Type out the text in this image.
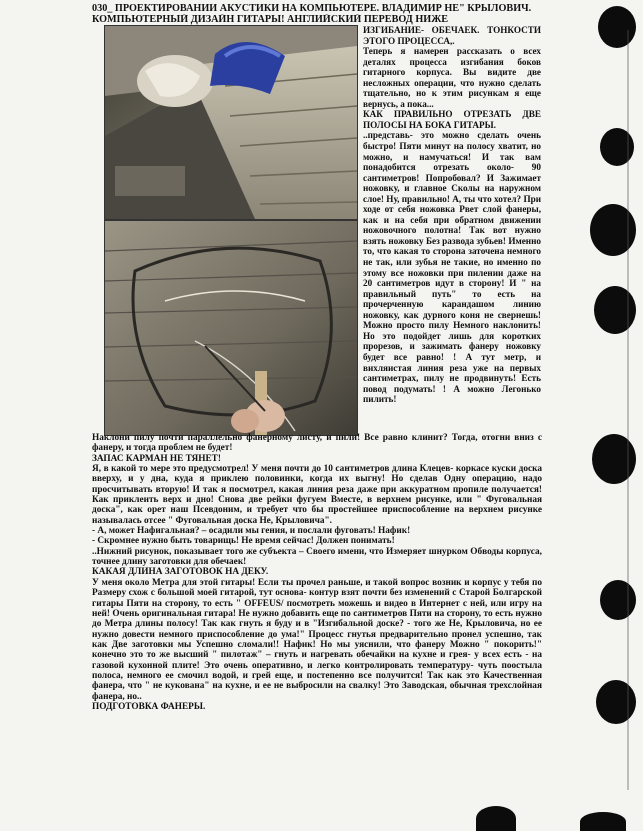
030_ ПРОЕКТИРОВАНИИ АКУСТИКИ НА КОМПЬЮТЕРЕ. ВЛАДИМИР НЕ" КРЫЛОВИЧ.
КОМПЬЮТЕРНЫЙ ДИЗАЙН ГИТАРЫ! АНГЛИЙСКИЙ ПЕРЕВОД НИЖЕ

ИЗГИБАНИЕ- ОБЕЧАЕК. ТОНКОСТИ ЭТОГО ПРОЦЕССА,.

Теперь я намерен рассказать о всех деталях процесса изгибания боков гитарного корпуса. Вы видите две несложных операции, что нужно сделать тщательно, но к этим рисункам я еще вернусь, а пока...

КАК ПРАВИЛЬНО ОТРЕЗАТЬ ДВЕ ПОЛОСЫ НА БОКА ГИТАРЫ.

..представь- это можно сделать очень быстро! Пяти минут на полосу хватит, но можно, и намучаться! И так вам понадобится отрезать около- 90 сантиметров! Попробовал? И Зажимает ножовку, и главное Сколы на наружном слое! Ну, правильно! А, ты что хотел? При ходе от себя ножовка Рвет слой фанеры, как и на себя при обратном движении ножовочного полотна! Так вот нужно взять ножовку Без развода зубьев! Именно то, что какая то сторона заточена немного не так, или зубья не такие, но именно по этому все ножовки при пилении даже на 20 сантиметров идут в сторону! И " на правильный путь" то есть на прочерченную карандашом линию ножовку, как дурного коня не свернешь! Можно просто пилу Немного наклонить! Но это подойдет лишь для коротких прорезов, и зажимать фанеру ножовку будет все равно! ! А тут метр, и вихляистая линия реза уже на первых сантиметрах, пилу не продвинуть! Есть повод подумать! ! А можно Легонько пилить!

Наклони пилу почти параллельно фанерному листу, и пили! Все равно клинит? Тогда, отогни вниз с фанеру, и тогда проблем не будет!

ЗАПАС КАРМАН НЕ ТЯНЕТ!

Я, в какой то мере это предусмотрел! У меня почти до 10 сантиметров длина Клецев- коркасе куски доска вверху, и у дна, куда я приклею половинки, когда их выгну! Но сделав Одну операцию, надо просчитывать вторую! И так я посмотрел, какая линия реза даже при аккуратном пропиле получается! Как приклеить верх и дно! Снова две рейки фугуем Вместе, в верхнем рисунке, или " Фуговальная доска", как орет наш Псевдоним, и требует что бы простейшее приспособление на верхнем рисунке называлась отсее " Фуговальная доска Не, Крыловича".

- А, может Нафигальная? – осадили мы гения, и послали фуговать! Нафик!

- Скромнее нужно быть товарищь! Не время сейчас! Должен понимать!

..Нижний рисунок, показывает того же субъекта – Своего имени, что Измеряет шнурком Обводы корпуса, точнее длину заготовки для обечаек!

КАКАЯ ДЛИНА ЗАГОТОВОК НА ДЕКУ.

У меня около Метра для этой гитары! Если ты прочел раньше, и такой вопрос возник и корпус у тебя по Размеру схож с большой моей гитарой, тут основа- контур взят почти без изменений с Старой Болгарской гитары Пяти на сторону, то есть " OFFEUS/ посмотреть можешь и видео в Интернет с ней, или игру на ней! Очень оригинальная гитара! Не нужно добавить еще по сантиметров Пяти на сторону, то есть нужно до Метра длины полосу! Так как гнуть я буду и в "Изгибальной доске? - того же Не, Крыловича, но ее нужно довести немного приспособление до ума!" Процесс гнутья предварительно пронел успешно, так как Две заготовки мы Успешно сломали!! Нафик! Но мы уяснили, что фанеру Можно " покорить!" конечно это то же высший " пилотаж" – гнуть и нагревать обечайки на кухне и грея- у всех есть - на газовой кухонной плите! Это очень оперативно, и легко контролировать температуру- чуть поостыла полоса, немного ее смочил водой, и грей еще, и постепенно все получится! Так как это Качественная фанера, что " не кукована" на кухне, и ее не выбросили на свалку! Это Заводская, обычная трехслойная фанера, но..

ПОДГОТОВКА ФАНЕРЫ.
